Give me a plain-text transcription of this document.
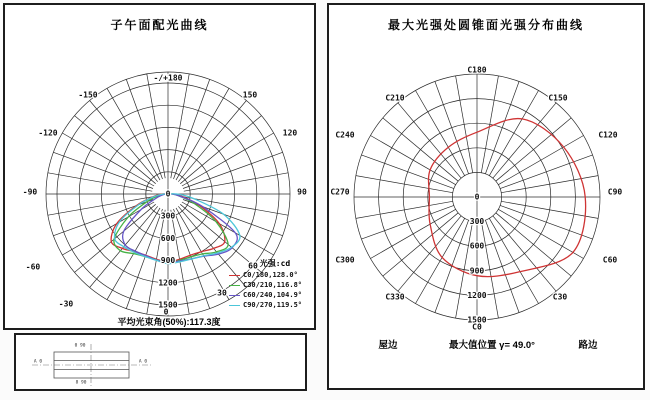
子午面配光曲线
300
600
900
1200
1500
0
-/+180
-150	150
-120	120
-90	90
-60	60
-30
30
0
光强:cd
C0/180,128.0°
C30/210,116.8°
C60/240,104.9°
C90/270,119.5°
平均光束角(50%):117.3度
最大光强处圆锥面光强分布曲线
300
600
900
1200
1500
0
C0
C30
C60
C90
C120
C150
C180
C210
C240
C270
C300
C330
屋边	最大值位置 γ= 49.0°	路边
A 0	A 0
0 90
8 90
